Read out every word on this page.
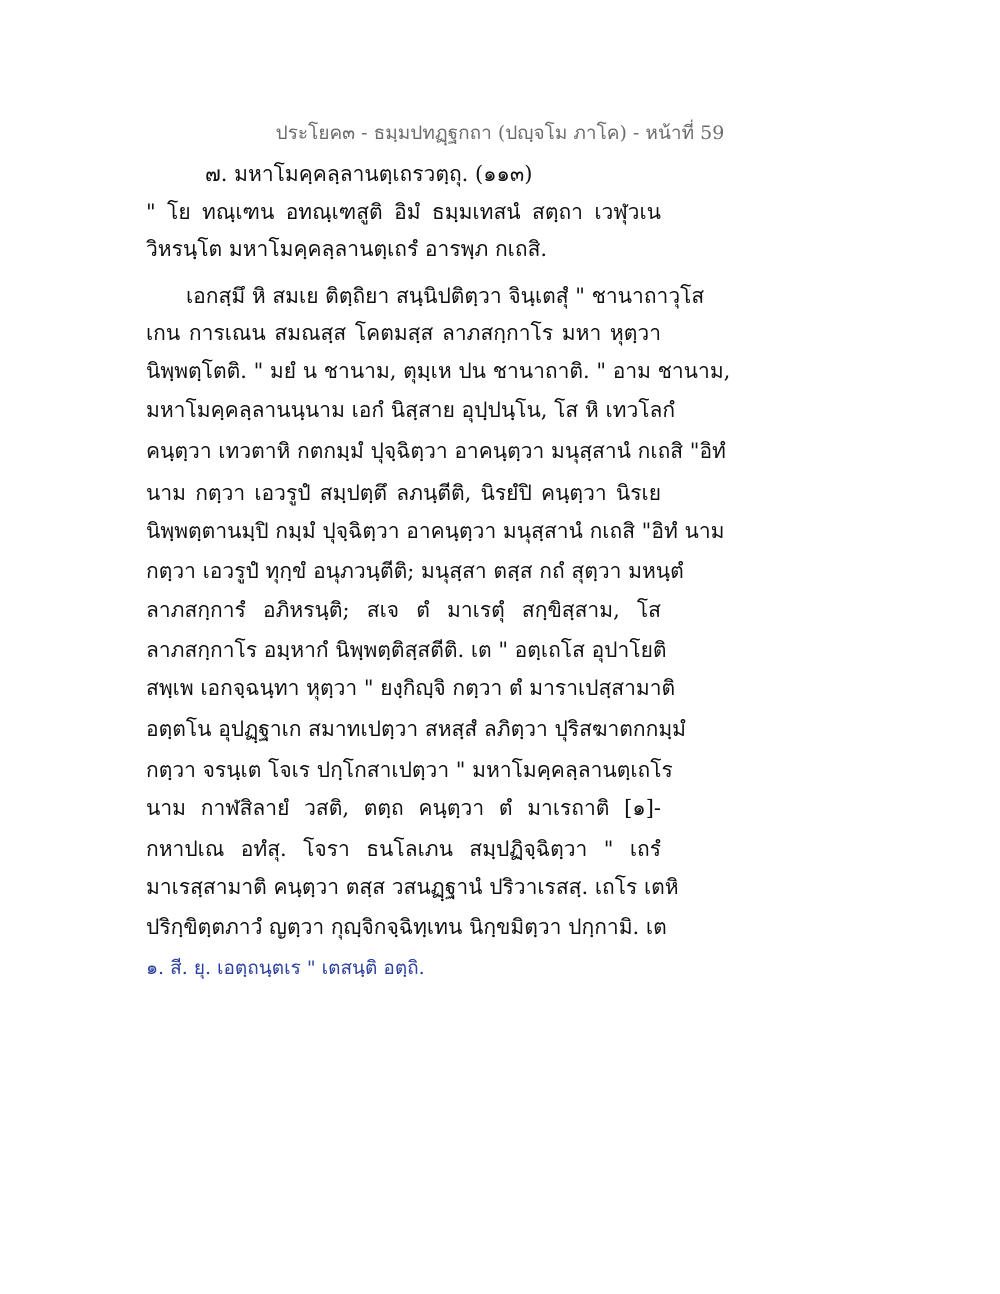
ประโยค๓ - ธมฺมปทฏฺฐกถา (ปญฺจโม ภาโค) - หน้าที่ 59
๗. มหาโมคฺคลฺลานตฺเถรวตฺถุ. (๑๑๓)
" โย ทณฺเฑน อทณฺเฑสูติ อิมํ ธมฺมเทสนํ สตฺถา เวฬุวเน
วิหรนฺโต มหาโมคฺคลฺลานตฺเถรํ อารพฺภ กเถสิ.
เอกสฺมึ หิ สมเย ติตฺถิยา สนฺนิปติตฺวา จินฺเตสุํ " ชานาถาวุโส
เกน การเณน สมณสฺส โคตมสฺส ลาภสกฺกาโร มหา หุตฺวา
นิพฺพตฺโตติ. " มยํ น ชานาม, ตุมฺเห ปน ชานาถาติ. " อาม ชานาม,
มหาโมคฺคลฺลานนฺนาม เอกํ นิสฺสาย อุปฺปนฺโน, โส หิ เทวโลกํ
คนฺตฺวา เทวตาหิ กตกมฺมํ ปุจฺฉิตฺวา อาคนฺตฺวา มนุสฺสานํ กเถสิ "อิทํ
นาม กตฺวา เอวรูปํ สมฺปตฺตึ ลภนฺตีติ, นิรยํปิ คนฺตฺวา นิรเย
นิพฺพตฺตานมฺปิ กมฺมํ ปุจฺฉิตฺวา อาคนฺตฺวา มนุสฺสานํ กเถสิ "อิทํ นาม
กตฺวา เอวรูปํ ทุกฺขํ อนุภวนฺตีติ; มนุสฺสา ตสฺส กถํ สุตฺวา มหนฺตํ
ลาภสกฺการํ อภิหรนฺติ; สเจ ตํ มาเรตุํ สกฺขิสฺสาม, โส
ลาภสกฺกาโร อมฺหากํ นิพฺพตฺติสฺสตีติ. เต " อตฺเถโส อุปาโยติ
สพฺเพ เอกจฺฉนฺทา หุตฺวา " ยงฺกิญฺจิ กตฺวา ตํ มาราเปสฺสามาติ
อตฺตโน อุปฏฺฐาเก สมาทเปตฺวา สหสฺสํ ลภิตฺวา ปุริสฆาตกกมฺมํ
กตฺวา จรนฺเต โจเร ปกฺโกสาเปตฺวา " มหาโมคฺคลฺลานตฺเถโร
นาม กาฬสิลายํ วสติ, ตตฺถ คนฺตฺวา ตํ มาเรถาติ [๑]-
กหาปเณ อทํสุ. โจรา ธนโลเภน สมฺปฏิจฺฉิตฺวา " เถรํ
มาเรสฺสามาติ คนฺตฺวา ตสฺส วสนฏฺฐานํ ปริวาเรสสฺ. เถโร เตหิ
ปริกฺขิตฺตภาวํ ญตฺวา กุญฺจิกจฺฉิทฺเทน นิกฺขมิตฺวา ปกฺกามิ. เต
๑. สี. ยุ. เอตฺถนฺตเร " เตสนฺติ อตฺถิ.
